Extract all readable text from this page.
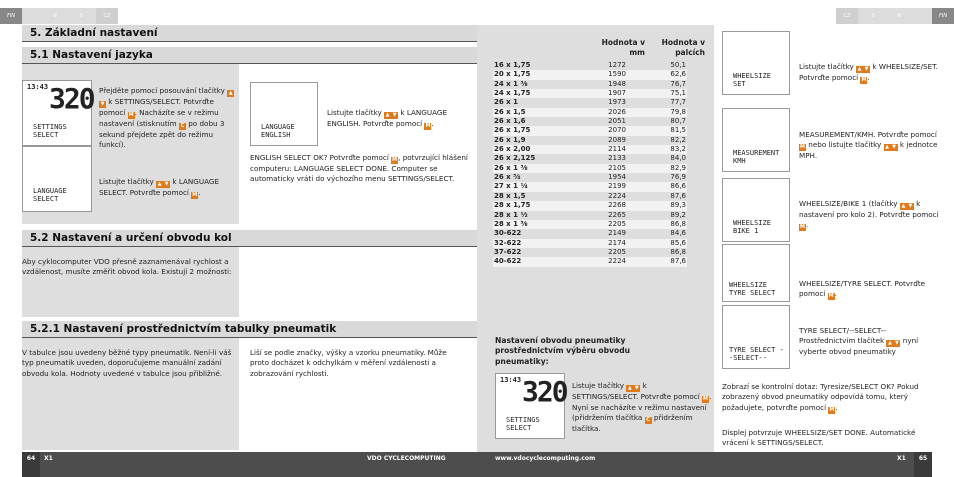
FIN	N	S	CZ
5. Základní nastavení
5.1 Nastavení jazyka
13:43 320
SETTINGS SELECT
LANGUAGE SELECT
Přejděte pomocí posouvání tlačítky ▲▼ k SETTINGS/SELECT. Potvrďte pomocí M. Nacházíte se v režimu nastavení (stisknutím C po dobu 3 sekund přejdete zpět do režimu funkcí).
Listujte tlačítky ▲ ▼ k LANGUAGE SELECT. Potvrďte pomocí M.
LANGUAGE ENGLISH
Listujte tlačítky ▲ ▼ k LANGUAGE ENGLISH. Potvrďte pomocí M.
ENGLISH SELECT OK? Potvrďte pomocí M, potvrzující hlášení computeru: LANGUAGE SELECT DONE. Computer se automaticky vrátí do výchozího menu SETTINGS/SELECT.
5.2 Nastavení a určení obvodu kol
Aby cyklocomputer VDO přesně zaznamenával rychlost a vzdálenost, musíte změřit obvod kola. Existují 2 možnosti:
5.2.1 Nastavení prostřednictvím tabulky pneumatik
V tabulce jsou uvedeny běžné typy pneumatik. Není-li váš typ pneumatik uveden, doporučujeme manuální zadání obvodu kola. Hodnoty uvedené v tabulce jsou přibližné.
Liší se podle značky, výšky a vzorku pneumatiky. Může proto docházet k odchylkám v měření vzdálenosti a zobrazování rychlosti.
64	X1	VDO CYCLECOMPUTING
CZ	S	N	FIN
Hodnota v mm
Hodnota v palcích
16 x 1,75	1272	50,1
20 x 1,75	1590	62,6
24 x 1 ³⁄₈	1948	76,7
24 x 1,75	1907	75,1
26 x 1	1973	77,7
26 x 1,5	2026	79,8
26 x 1,6	2051	80,7
26 x 1,75	2070	81,5
26 x 1,9	2089	82,2
26 x 2,00	2114	83,2
26 x 2,125	2133	84,0
26 x 1 ³⁄₈	2105	82,9
26 x ³⁄₄	1954	76,9
27 x 1 ¹⁄₄	2199	86,6
28 x 1,5	2224	87,6
28 x 1,75	2268	89,3
28 x 1 ¹⁄₂	2265	89,2
28 x 1 ⁵⁄₈	2205	86,8
30-622	2149	84,6
32-622	2174	85,6
37-622	2205	86,8
40-622	2224	87,6
Nastavení obvodu pneumatiky prostřednictvím výběru obvodu pneumatiky:
13:43 320
SETTINGS SELECT
Listuje tlačítky ▲ ▼ k SETTINGS/SELECT. Potvrďte pomocí M. Nyní se nacházíte v režimu nastavení (přidržením tlačítka C přidržením tlačítka.
WHEELSIZE SET
Listujte tlačítky ▲ ▼ k WHEELSIZE/SET. Potvrďte pomocí M.
MEASUREMENT KMH
MEASUREMENT/KMH. Potvrďte pomocí M nebo listujte tlačítky ▲ ▼ k jednotce MPH.
WHEELSIZE BIKE 1
WHEELSIZE/BIKE 1 (tlačítky ▲ ▼ k nastavení pro kolo 2). Potvrďte pomocí M.
WHEELSIZE TYRE SELECT
WHEELSIZE/TYRE SELECT. Potvrďte pomocí M.
TYRE SELECT --SELECT--
TYRE SELECT/--SELECT-- Prostřednictvím tlačítek ▲ ▼ nyní vyberte obvod pneumatiky
Zobrazí se kontrolní dotaz: Tyresize/SELECT OK? Pokud zobrazený obvod pneumatiky odpovídá tomu, který požadujete, potvrďte pomocí M.
Displej potvrzuje WHEELSIZE/SET DONE. Automatické vrácení k SETTINGS/SELECT.
www.vdocyclecomputing.com	X1	65
